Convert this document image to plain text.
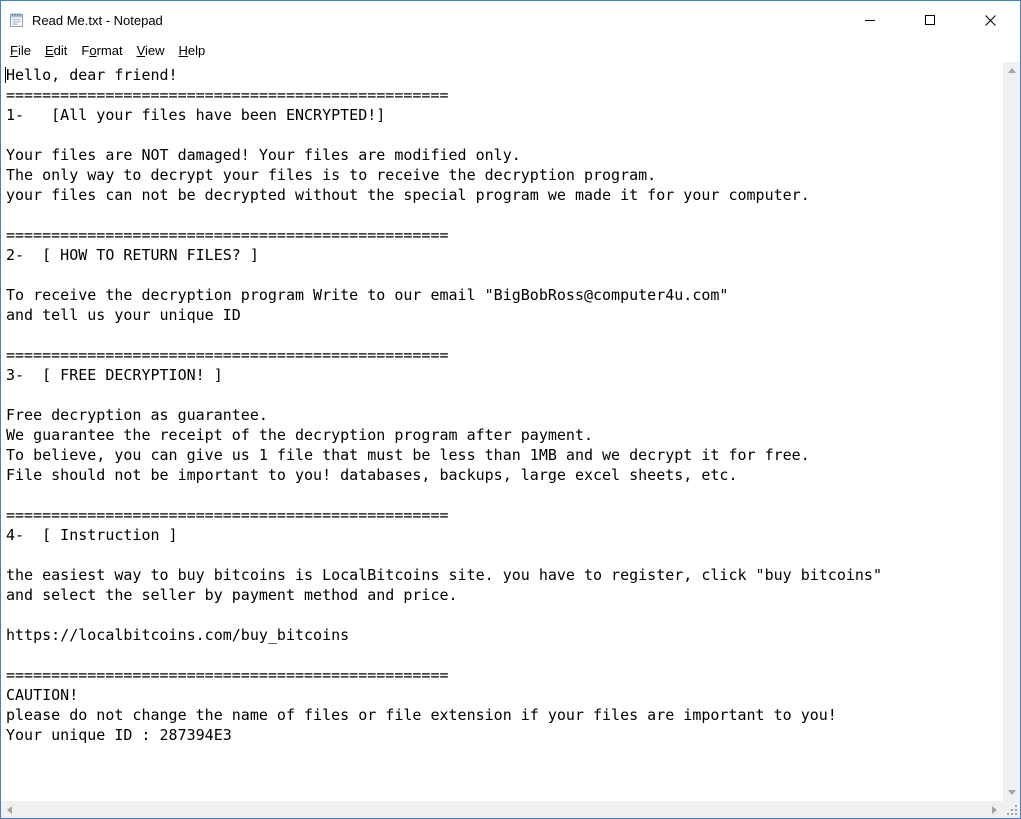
Read Me.txt - Notepad
File	Edit	Format	View	Help
Hello, dear friend!
=================================================
1-   [All your files have been ENCRYPTED!]

Your files are NOT damaged! Your files are modified only.
The only way to decrypt your files is to receive the decryption program.
your files can not be decrypted without the special program we made it for your computer.

=================================================
2-  [ HOW TO RETURN FILES? ]

To receive the decryption program Write to our email "BigBobRoss@computer4u.com"
and tell us your unique ID

=================================================
3-  [ FREE DECRYPTION! ]

Free decryption as guarantee.
We guarantee the receipt of the decryption program after payment.
To believe, you can give us 1 file that must be less than 1MB and we decrypt it for free.
File should not be important to you! databases, backups, large excel sheets, etc.

=================================================
4-  [ Instruction ]

the easiest way to buy bitcoins is LocalBitcoins site. you have to register, click "buy bitcoins"
and select the seller by payment method and price.

https://localbitcoins.com/buy_bitcoins

=================================================
CAUTION!
please do not change the name of files or file extension if your files are important to you!
Your unique ID : 287394E3
